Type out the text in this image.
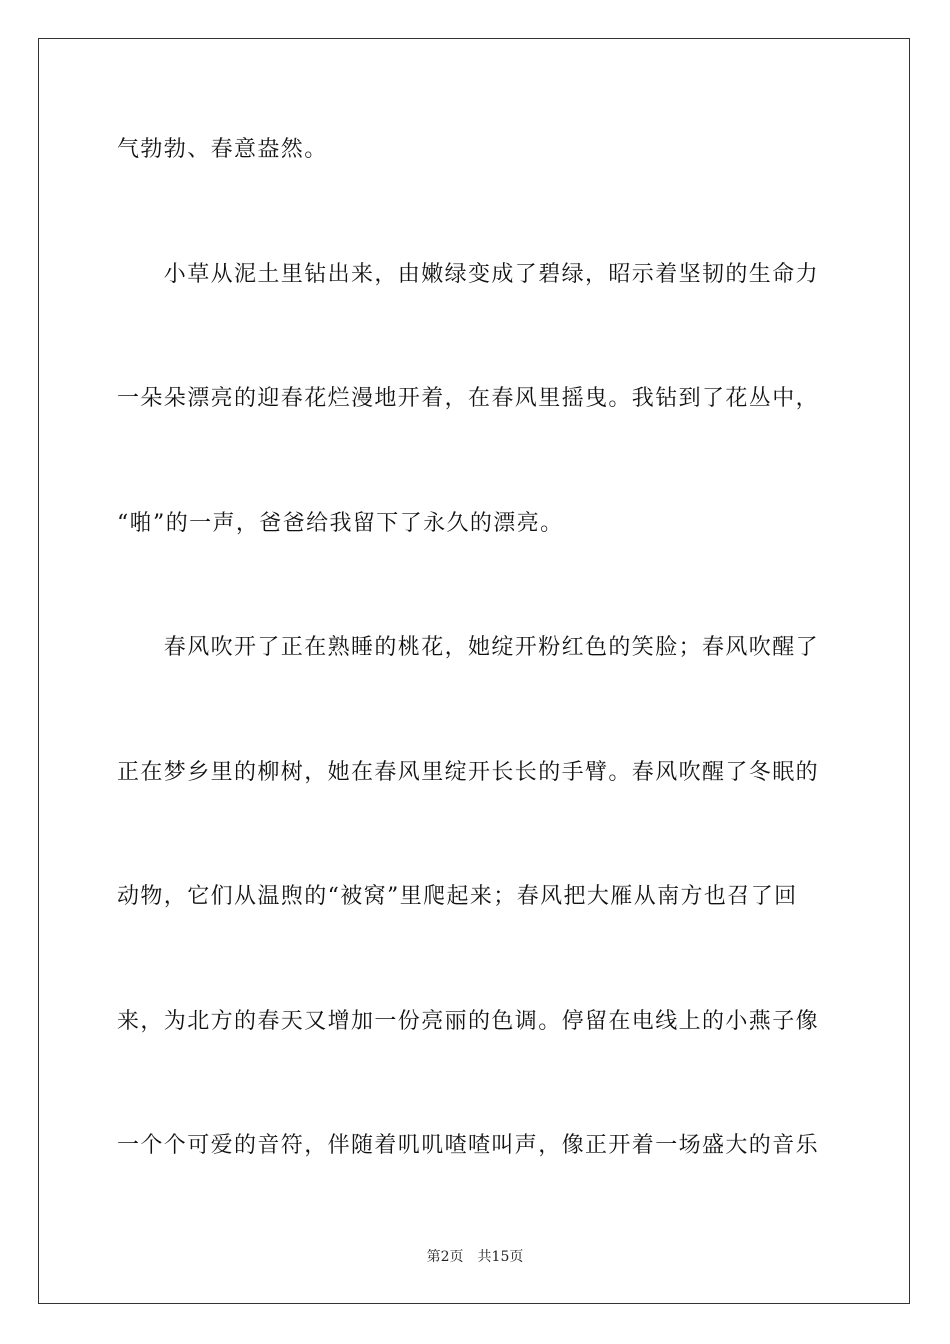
气勃勃、春意盎然。
　　小草从泥土里钻出来，由嫩绿变成了碧绿，昭示着坚韧的生命力
一朵朵漂亮的迎春花烂漫地开着，在春风里摇曳。我钻到了花丛中，
“啪”的一声，爸爸给我留下了永久的漂亮。
　　春风吹开了正在熟睡的桃花，她绽开粉红色的笑脸；春风吹醒了
正在梦乡里的柳树，她在春风里绽开长长的手臂。春风吹醒了冬眠的
动物，它们从温煦的“被窝”里爬起来；春风把大雁从南方也召了回
来，为北方的春天又增加一份亮丽的色调。停留在电线上的小燕子像
一个个可爱的音符，伴随着叽叽喳喳叫声，像正开着一场盛大的音乐
第2页 共15页
